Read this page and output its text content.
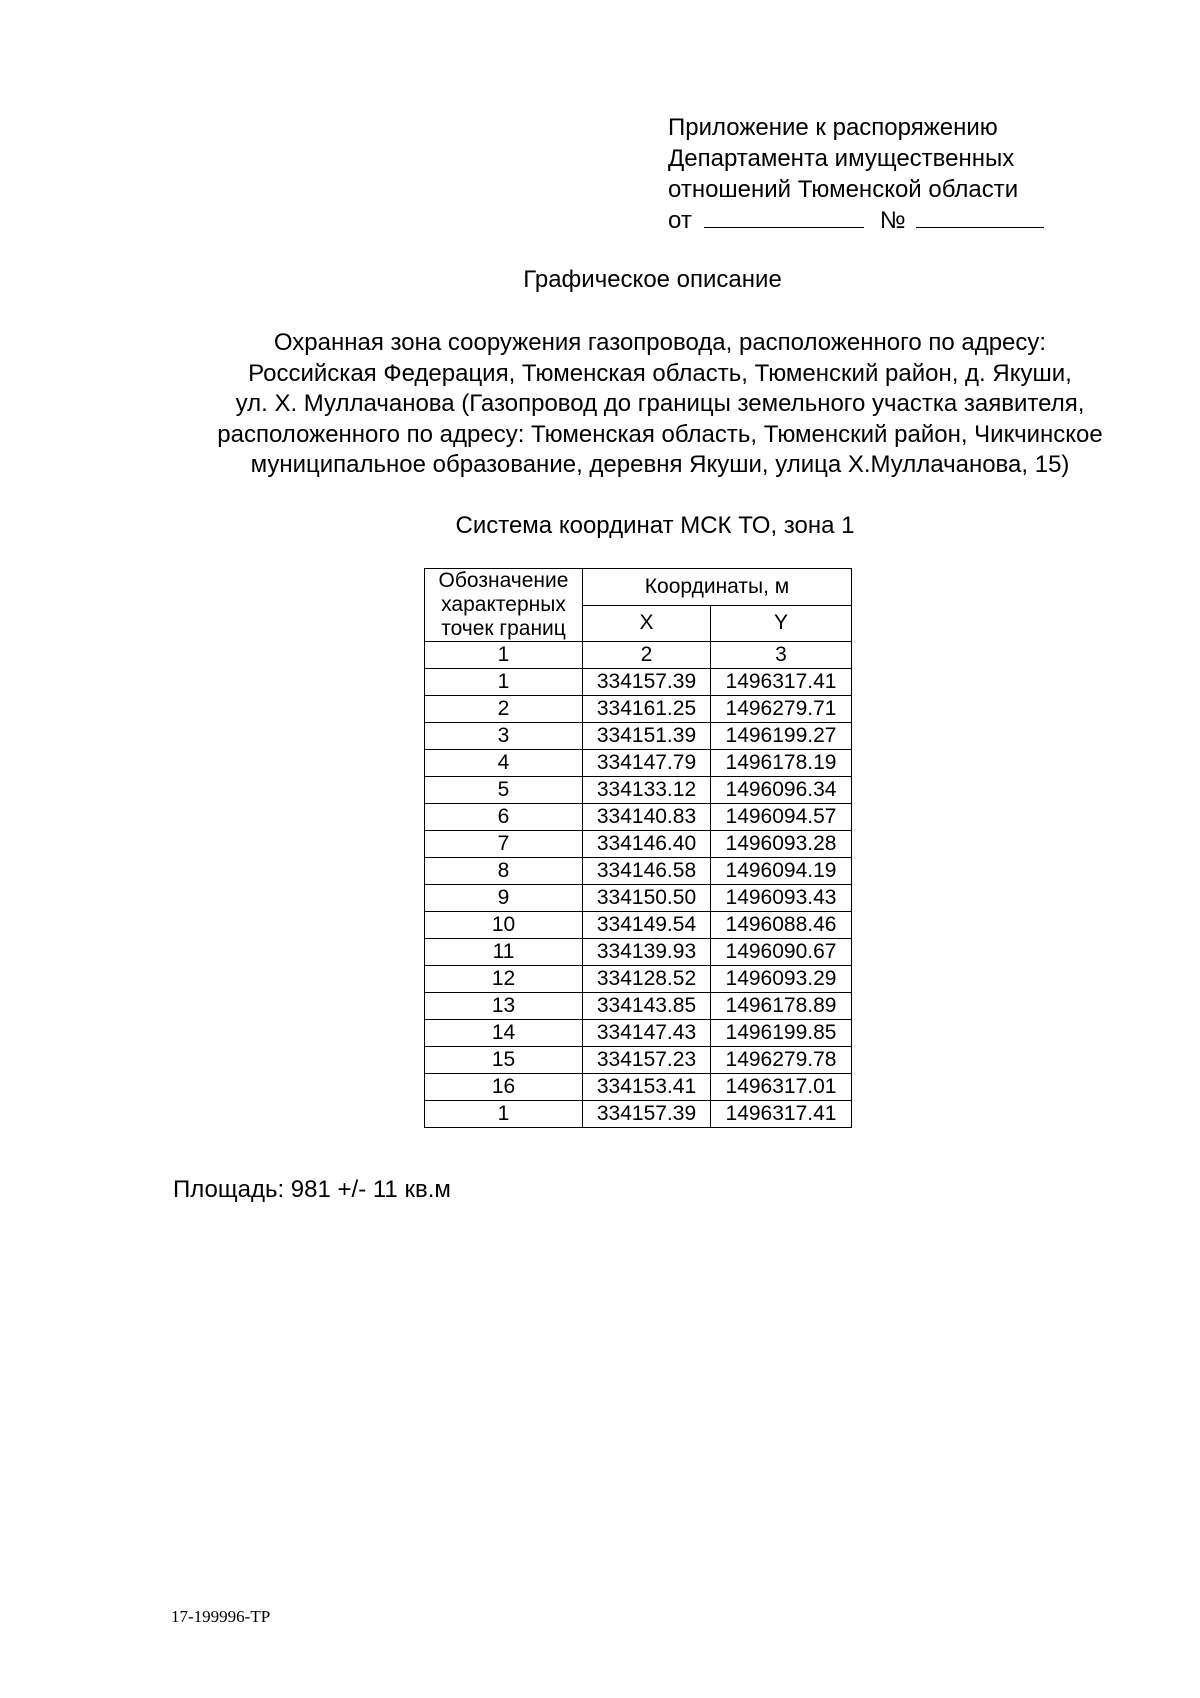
Приложение к распоряжению
Департамента имущественных
отношений Тюменской области
от	№
Графическое описание
Охранная зона сооружения газопровода, расположенного по адресу:
Российская Федерация, Тюменская область, Тюменский район, д. Якуши,
ул. Х. Муллачанова (Газопровод до границы земельного участка заявителя,
расположенного по адресу: Тюменская область, Тюменский район, Чикчинское
муниципальное образование, деревня Якуши, улица Х.Муллачанова, 15)
Система координат МСК ТО, зона 1
Обозначение характерных точек границ	Координаты, м	
	X	Y
1	2	3
1	334157.39	1496317.41
2	334161.25	1496279.71
3	334151.39	1496199.27
4	334147.79	1496178.19
5	334133.12	1496096.34
6	334140.83	1496094.57
7	334146.40	1496093.28
8	334146.58	1496094.19
9	334150.50	1496093.43
10	334149.54	1496088.46
11	334139.93	1496090.67
12	334128.52	1496093.29
13	334143.85	1496178.89
14	334147.43	1496199.85
15	334157.23	1496279.78
16	334153.41	1496317.01
1	334157.39	1496317.41
Площадь: 981 +/- 11 кв.м
17-199996-TP
